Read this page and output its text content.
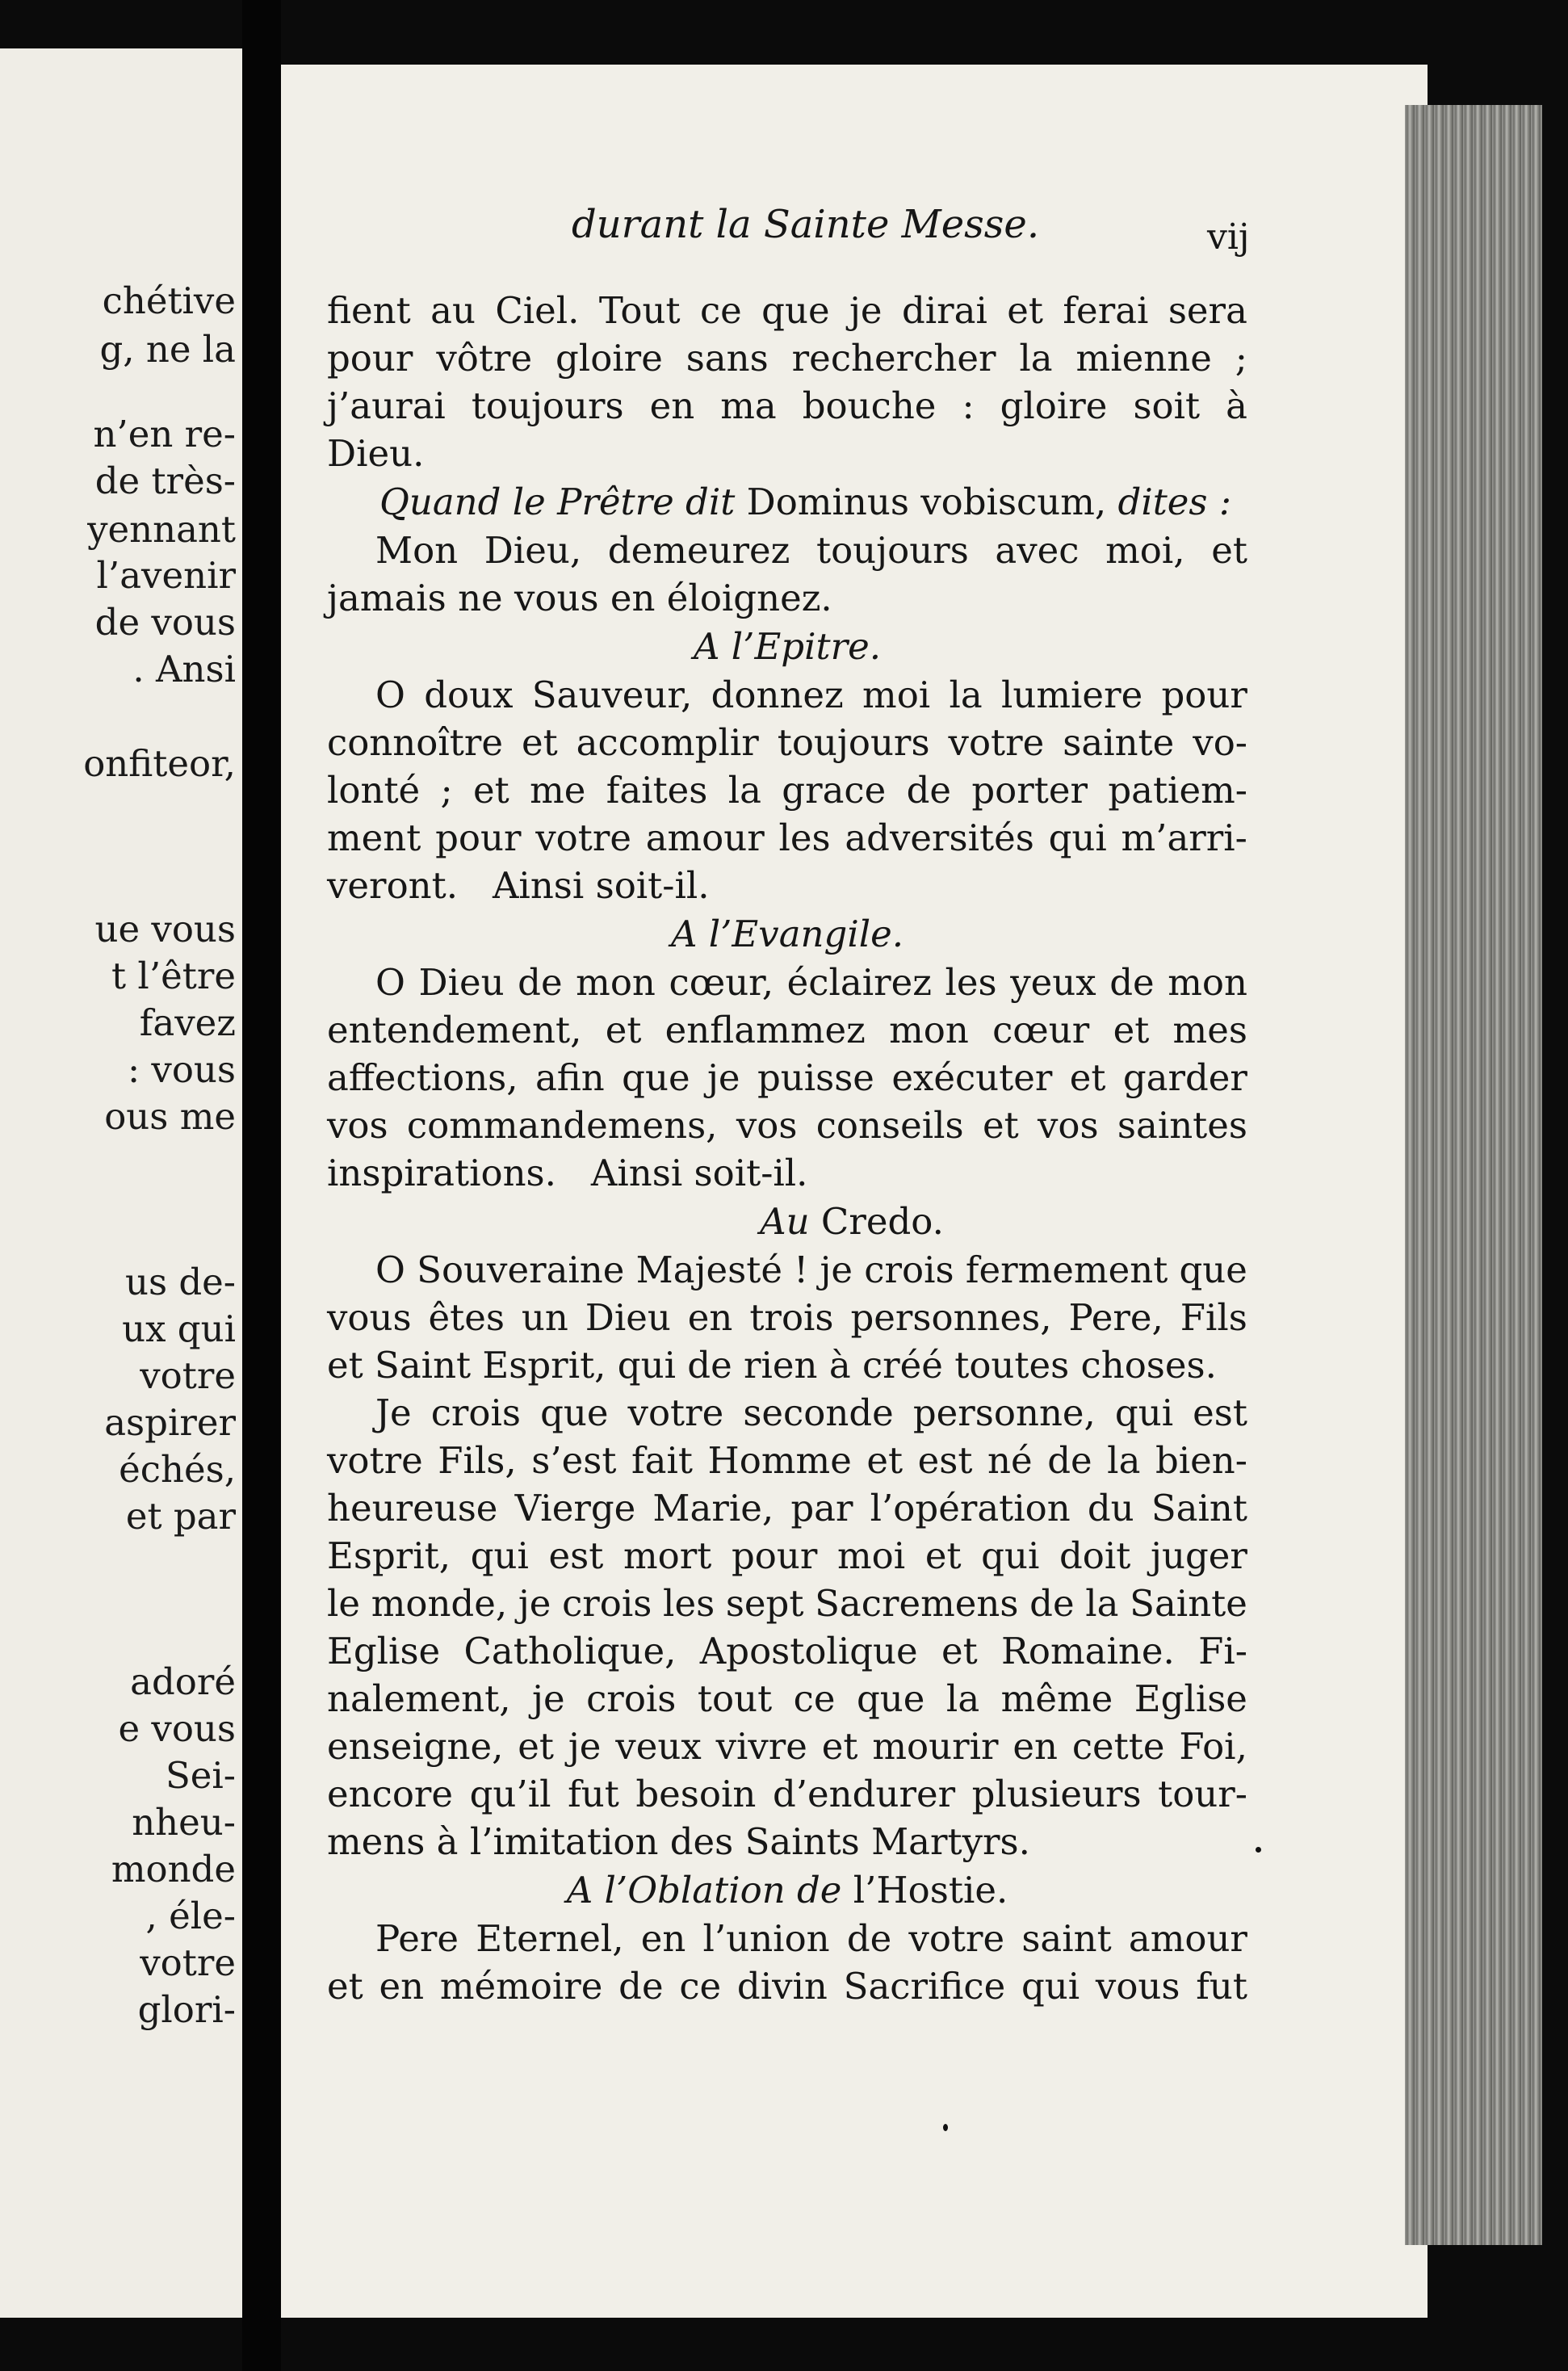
chétive
g, ne la
n’en re-
de très-
yennant
l’avenir
de vous
. Ansi
onfiteor,
ue vous
t l’être
favez
: vous
ous me
us de-
ux qui
votre
aspirer
échés,
et par
adoré
e vous
Sei-
nheu-
monde
, éle-
votre
glori-
durant la Sainte Messe.	vij
fient au Ciel. Tout ce que je dirai et ferai sera
pour vôtre gloire sans rechercher la mienne ;
j’aurai toujours en ma bouche : gloire soit à
Dieu.
Quand le Prêtre dit Dominus vobiscum, dites :
Mon Dieu, demeurez toujours avec moi, et
jamais ne vous en éloignez.
A l’Epitre.
O doux Sauveur, donnez moi la lumiere pour
connoître et accomplir toujours votre sainte vo-
lonté ; et me faites la grace de porter patiem-
ment pour votre amour les adversités qui m’arri-
veront.   Ainsi soit-il.
A l’Evangile.
O Dieu de mon cœur, éclairez les yeux de mon
entendement, et enflammez mon cœur et mes
affections, afin que je puisse exécuter et garder
vos commandemens, vos conseils et vos saintes
inspirations.   Ainsi soit-il.
Au Credo.
O Souveraine Majesté ! je crois fermement que
vous êtes un Dieu en trois personnes, Pere, Fils
et Saint Esprit, qui de rien à créé toutes choses.
Je crois que votre seconde personne, qui est
votre Fils, s’est fait Homme et est né de la bien-
heureuse Vierge Marie, par l’opération du Saint
Esprit, qui est mort pour moi et qui doit juger
le monde, je crois les sept Sacremens de la Sainte
Eglise Catholique, Apostolique et Romaine. Fi-
nalement, je crois tout ce que la même Eglise
enseigne, et je veux vivre et mourir en cette Foi,
encore qu’il fut besoin d’endurer plusieurs tour-
mens à l’imitation des Saints Martyrs.
A l’Oblation de l’Hostie.
Pere Eternel, en l’union de votre saint amour
et en mémoire de ce divin Sacrifice qui vous fut
